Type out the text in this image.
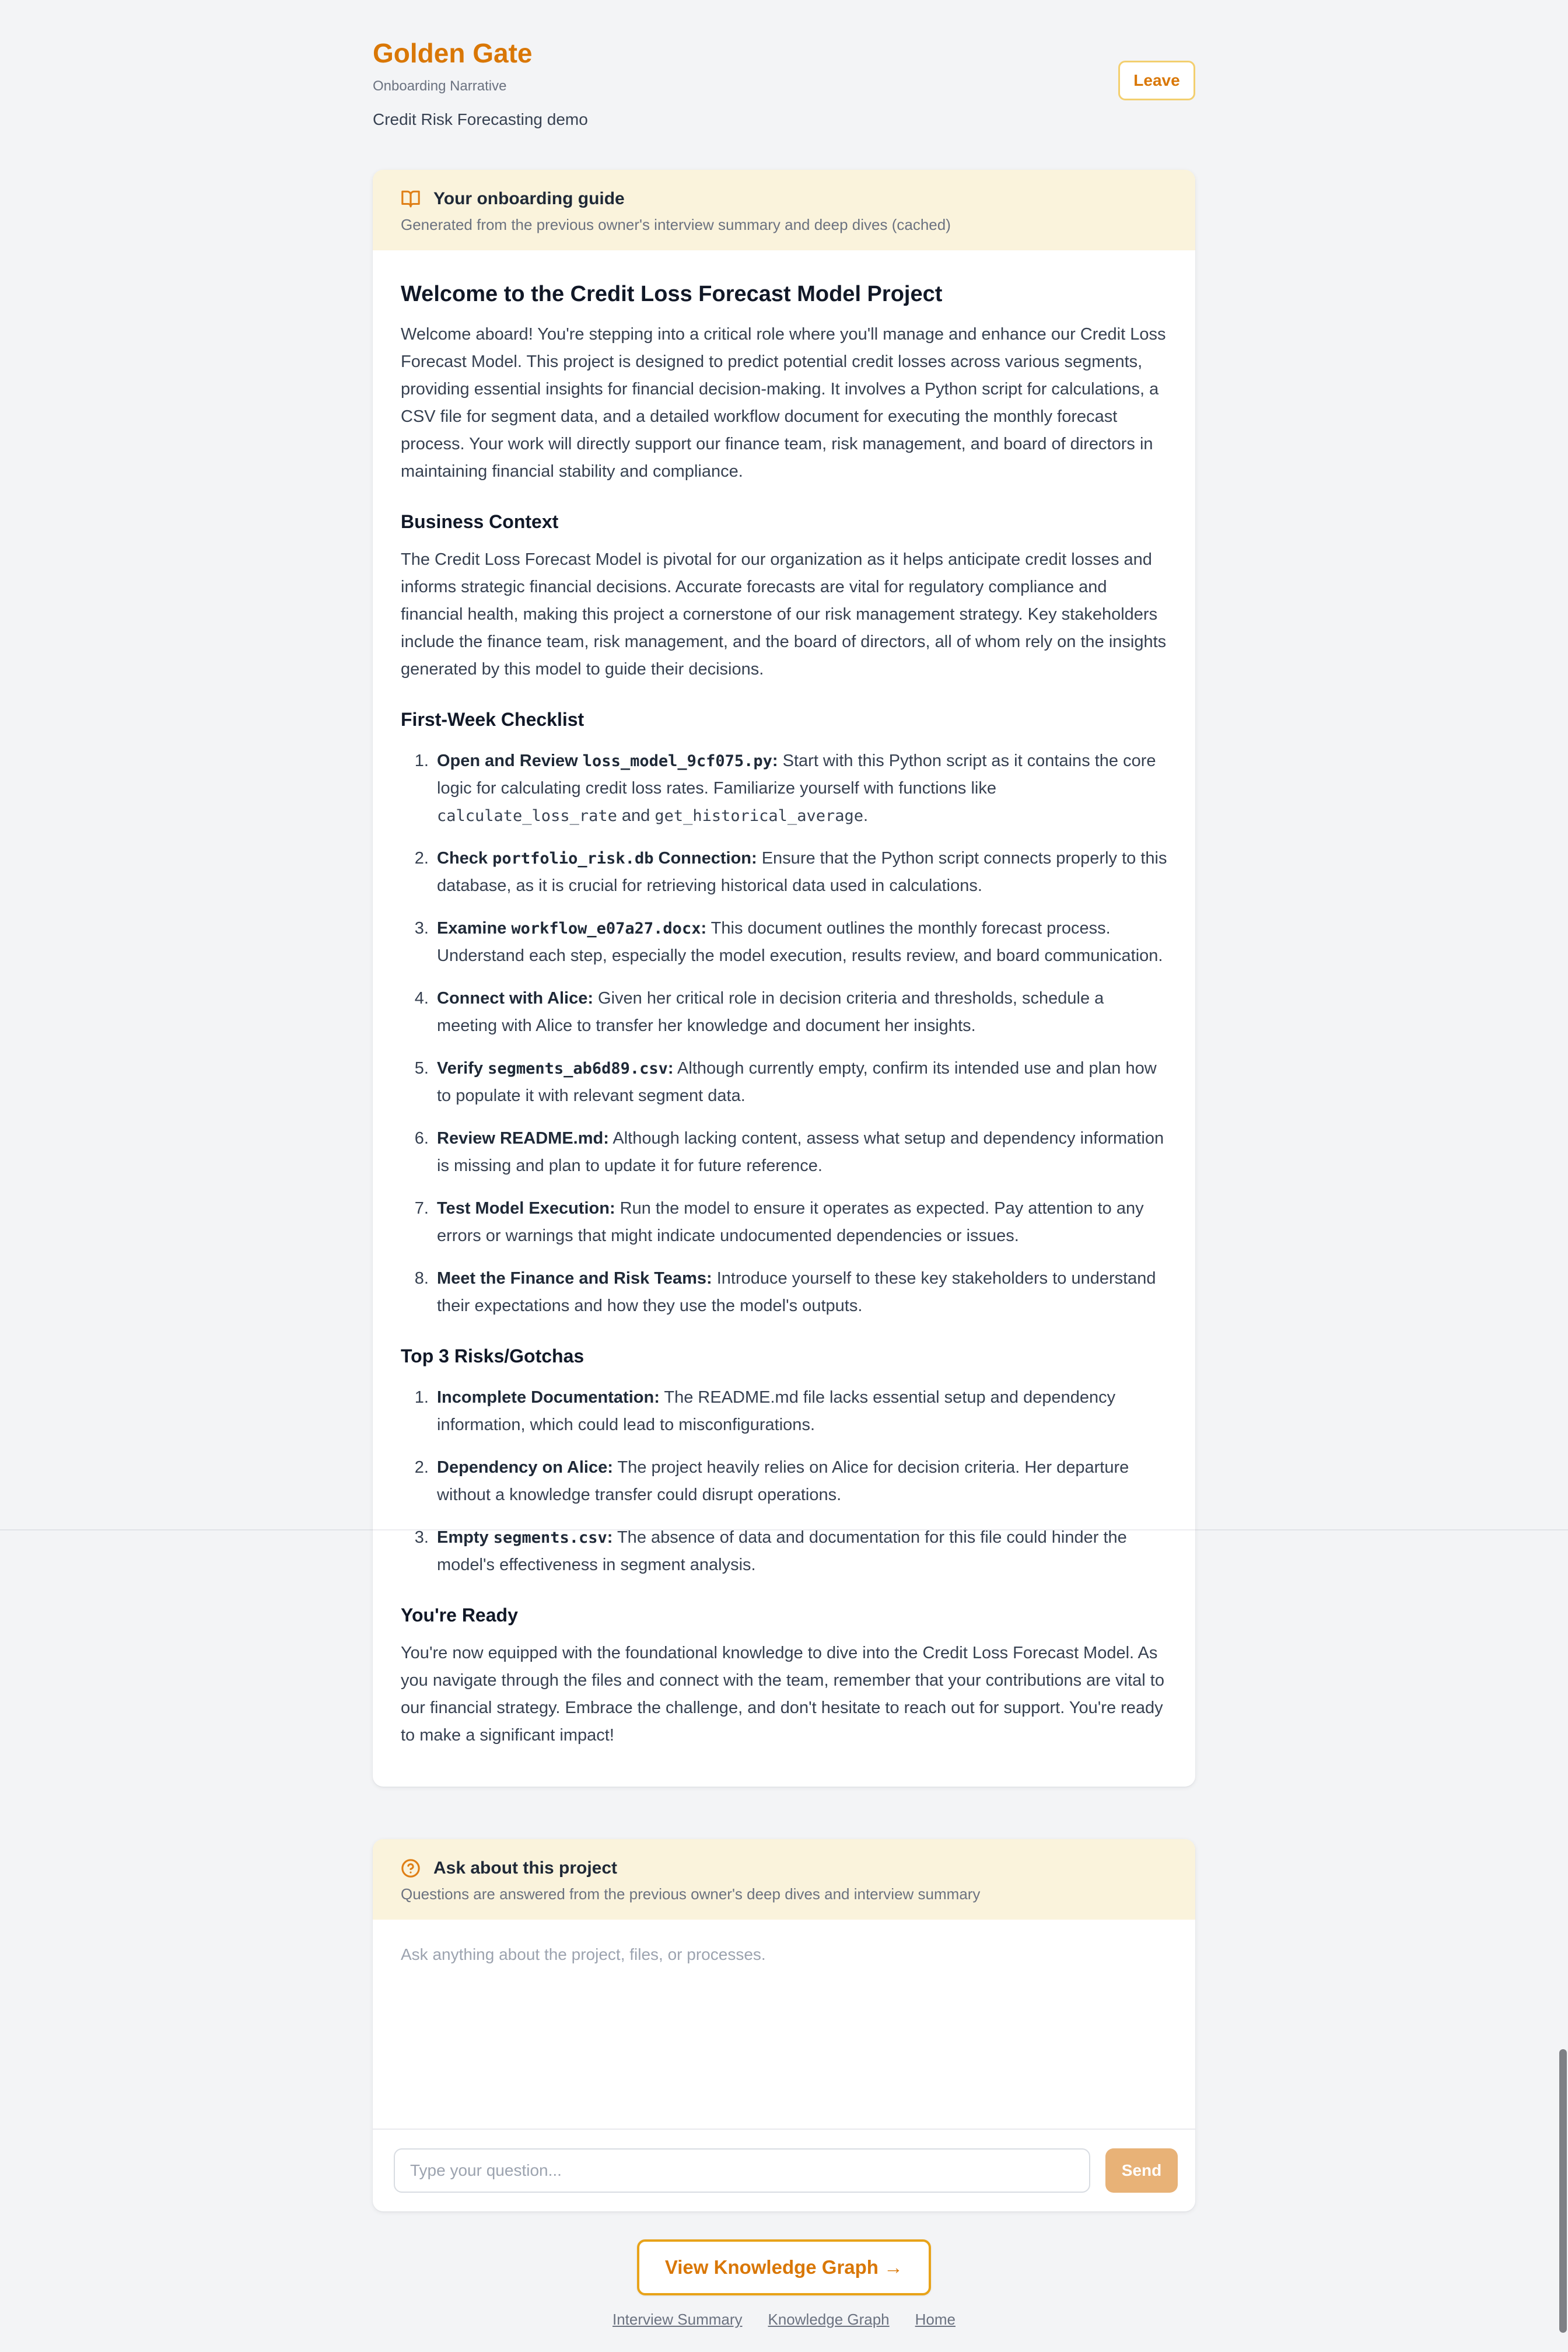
Golden Gate
Onboarding Narrative
Credit Risk Forecasting demo
Leave
Your onboarding guide
Generated from the previous owner's interview summary and deep dives (cached)
Welcome to the Credit Loss Forecast Model Project

Welcome aboard! You're stepping into a critical role where you'll manage and enhance our Credit Loss Forecast Model. This project is designed to predict potential credit losses across various segments, providing essential insights for financial decision-making. It involves a Python script for calculations, a CSV file for segment data, and a detailed workflow document for executing the monthly forecast process. Your work will directly support our finance team, risk management, and board of directors in maintaining financial stability and compliance.

Business Context

The Credit Loss Forecast Model is pivotal for our organization as it helps anticipate credit losses and informs strategic financial decisions. Accurate forecasts are vital for regulatory compliance and financial health, making this project a cornerstone of our risk management strategy. Key stakeholders include the finance team, risk management, and the board of directors, all of whom rely on the insights generated by this model to guide their decisions.

First-Week Checklist
1. Open and Review loss_model_9cf075.py: Start with this Python script as it contains the core logic for calculating credit loss rates. Familiarize yourself with functions like calculate_loss_rate and get_historical_average.
2. Check portfolio_risk.db Connection: Ensure that the Python script connects properly to this database, as it is crucial for retrieving historical data used in calculations.
3. Examine workflow_e07a27.docx: This document outlines the monthly forecast process. Understand each step, especially the model execution, results review, and board communication.
4. Connect with Alice: Given her critical role in decision criteria and thresholds, schedule a meeting with Alice to transfer her knowledge and document her insights.
5. Verify segments_ab6d89.csv: Although currently empty, confirm its intended use and plan how to populate it with relevant segment data.
6. Review README.md: Although lacking content, assess what setup and dependency information is missing and plan to update it for future reference.
7. Test Model Execution: Run the model to ensure it operates as expected. Pay attention to any errors or warnings that might indicate undocumented dependencies or issues.
8. Meet the Finance and Risk Teams: Introduce yourself to these key stakeholders to understand their expectations and how they use the model's outputs.
Top 3 Risks/Gotchas
1. Incomplete Documentation: The README.md file lacks essential setup and dependency information, which could lead to misconfigurations.
2. Dependency on Alice: The project heavily relies on Alice for decision criteria. Her departure without a knowledge transfer could disrupt operations.
3. Empty segments.csv: The absence of data and documentation for this file could hinder the model's effectiveness in segment analysis.
You're Ready

You're now equipped with the foundational knowledge to dive into the Credit Loss Forecast Model. As you navigate through the files and connect with the team, remember that your contributions are vital to our financial strategy. Embrace the challenge, and don't hesitate to reach out for support. You're ready to make a significant impact!

Ask about this project
Questions are answered from the previous owner's deep dives and interview summary
Ask anything about the project, files, or processes.
Type your question...
Send
View Knowledge Graph →
Interview Summary Knowledge Graph Home
